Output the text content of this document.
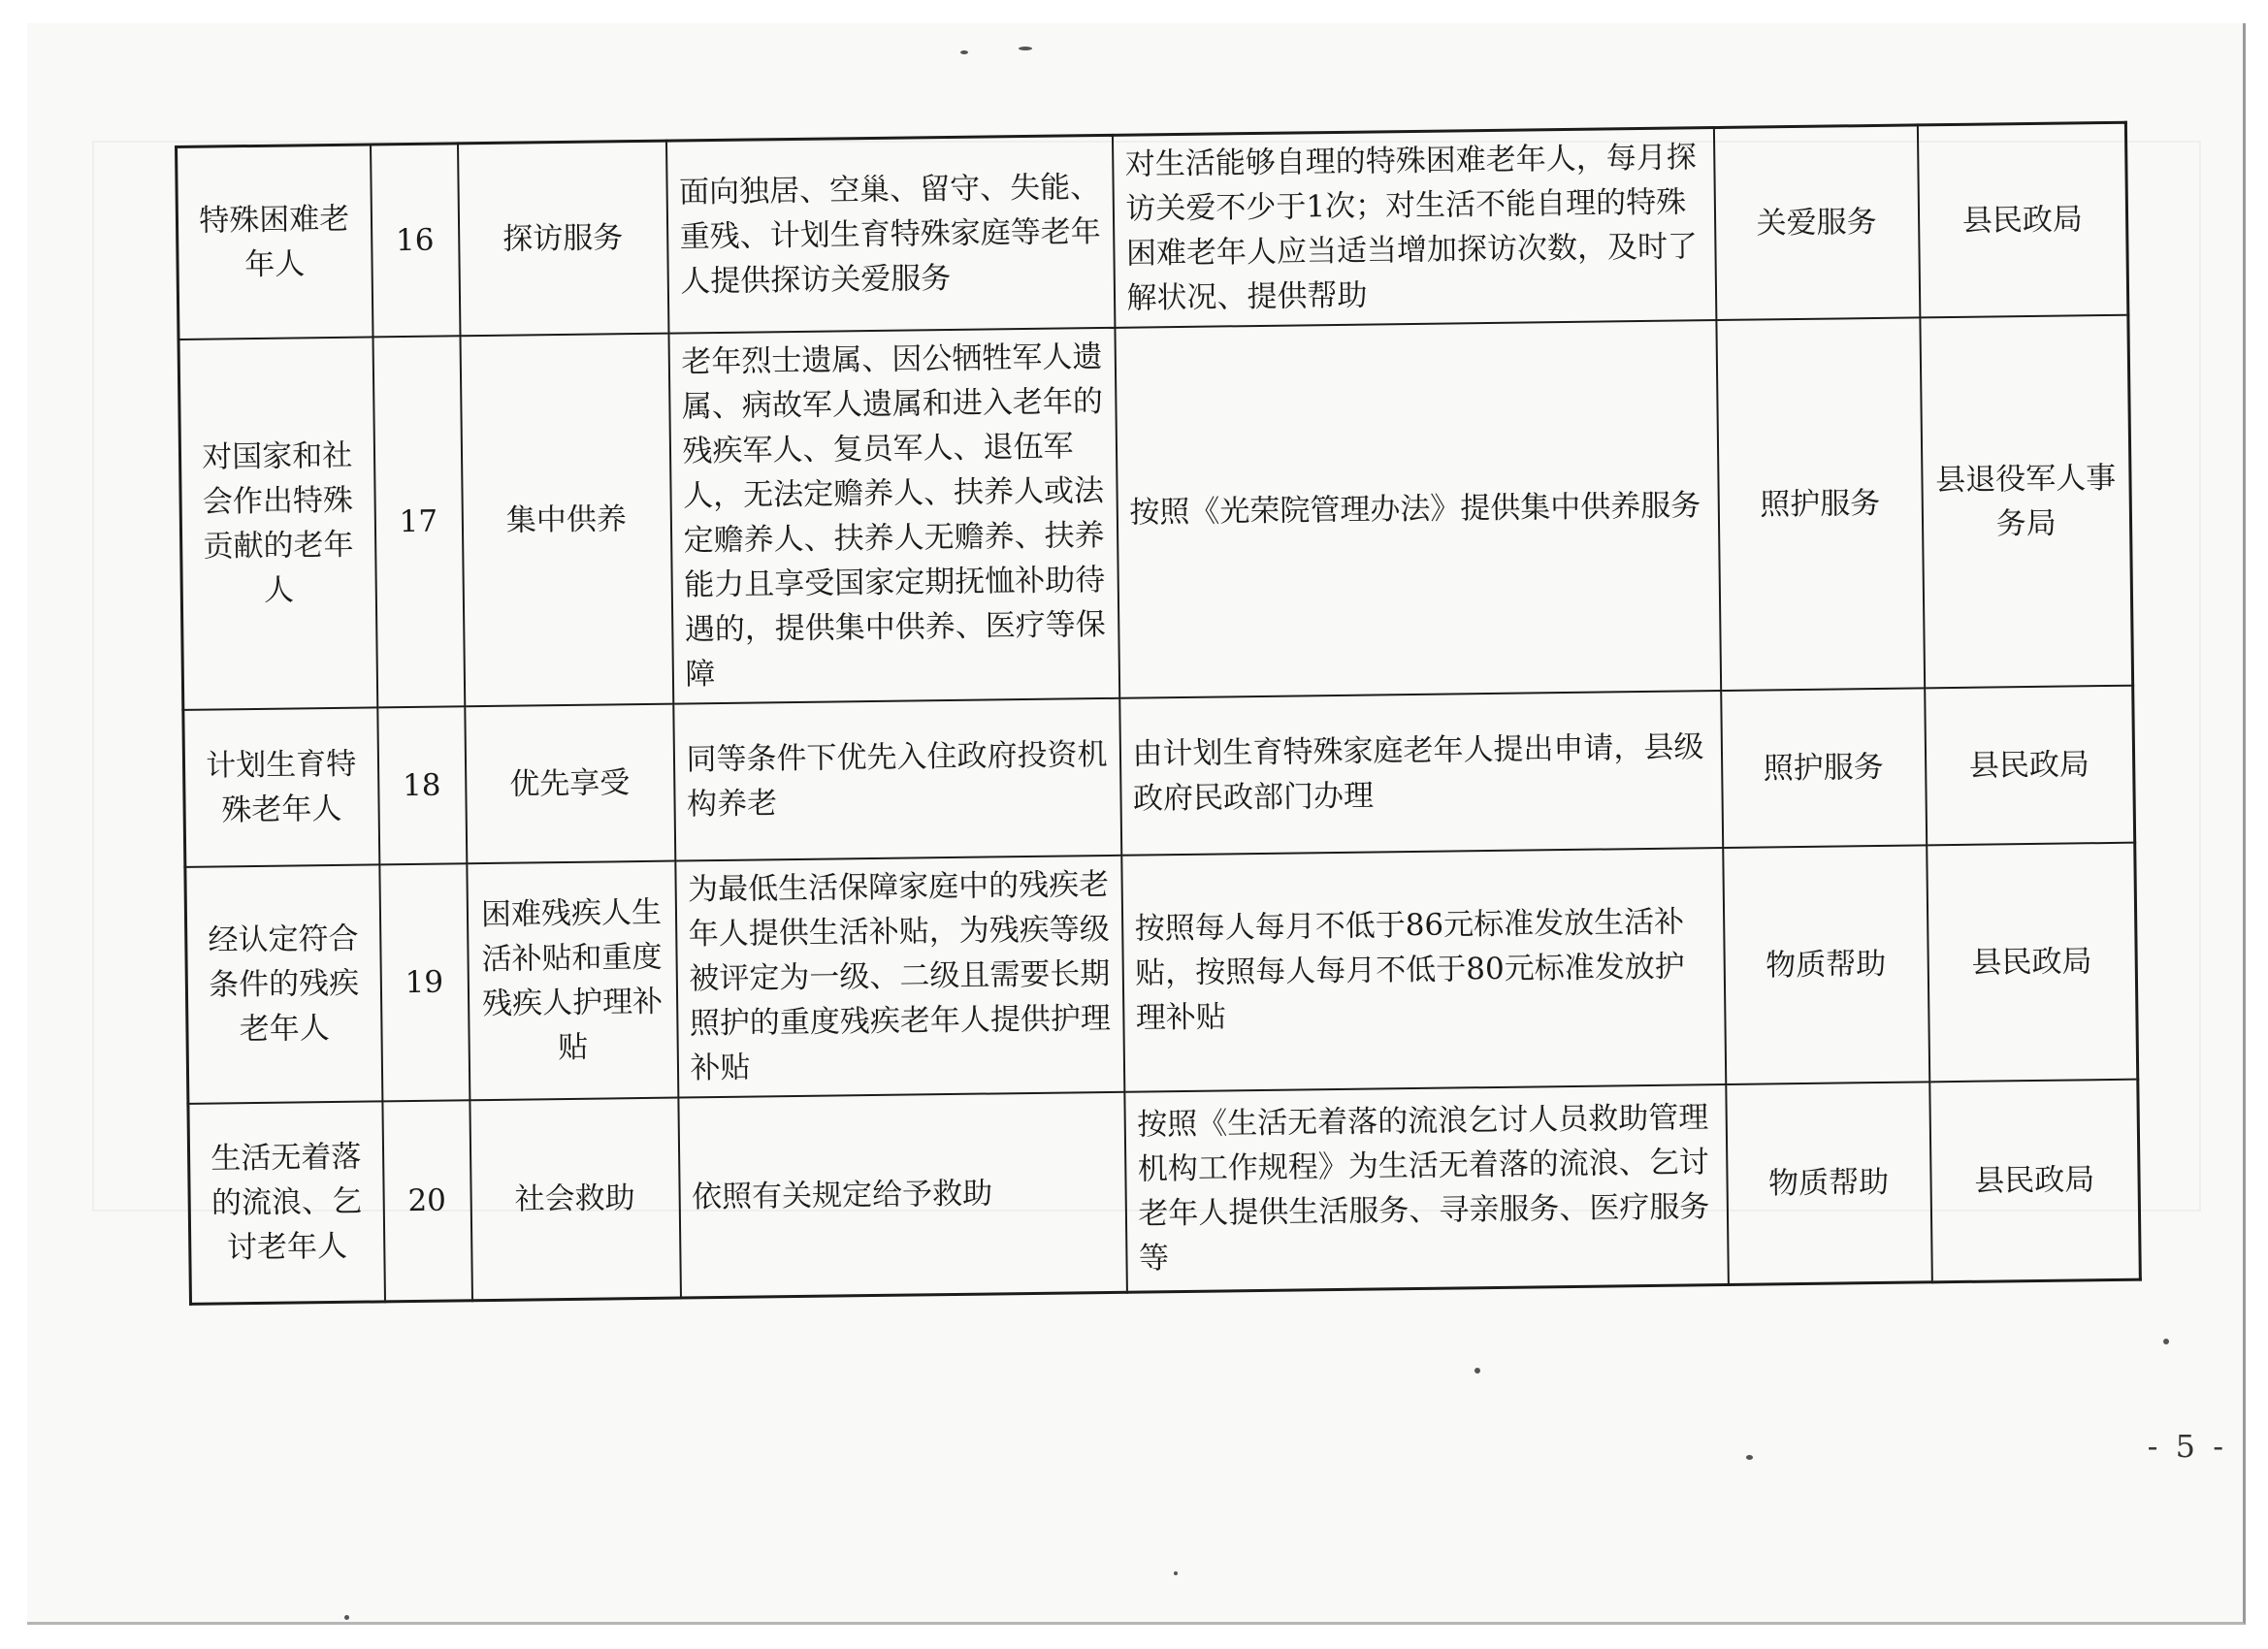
特殊困难老年人	16	探访服务	面向独居、空巢、留守、失能、重残、计划生育特殊家庭等老年人提供探访关爱服务	对生活能够自理的特殊困难老年人，每月探访关爱不少于1次；对生活不能自理的特殊困难老年人应当适当增加探访次数，及时了解状况、提供帮助	关爱服务	县民政局
对国家和社会作出特殊贡献的老年人	17	集中供养	老年烈士遗属、因公牺牲军人遗属、病故军人遗属和进入老年的残疾军人、复员军人、退伍军人，无法定赡养人、扶养人或法定赡养人、扶养人无赡养、扶养能力且享受国家定期抚恤补助待遇的，提供集中供养、医疗等保障	按照《光荣院管理办法》提供集中供养服务	照护服务	县退役军人事务局
计划生育特殊老年人	18	优先享受	同等条件下优先入住政府投资机构养老	由计划生育特殊家庭老年人提出申请，县级政府民政部门办理	照护服务	县民政局
经认定符合条件的残疾老年人	19	困难残疾人生活补贴和重度残疾人护理补贴	为最低生活保障家庭中的残疾老年人提供生活补贴，为残疾等级被评定为一级、二级且需要长期照护的重度残疾老年人提供护理补贴	按照每人每月不低于86元标准发放生活补贴，按照每人每月不低于80元标准发放护理补贴	物质帮助	县民政局
生活无着落的流浪、乞讨老年人	20	社会救助	依照有关规定给予救助	按照《生活无着落的流浪乞讨人员救助管理机构工作规程》为生活无着落的流浪、乞讨老年人提供生活服务、寻亲服务、医疗服务等	物质帮助	县民政局
- 5 -
